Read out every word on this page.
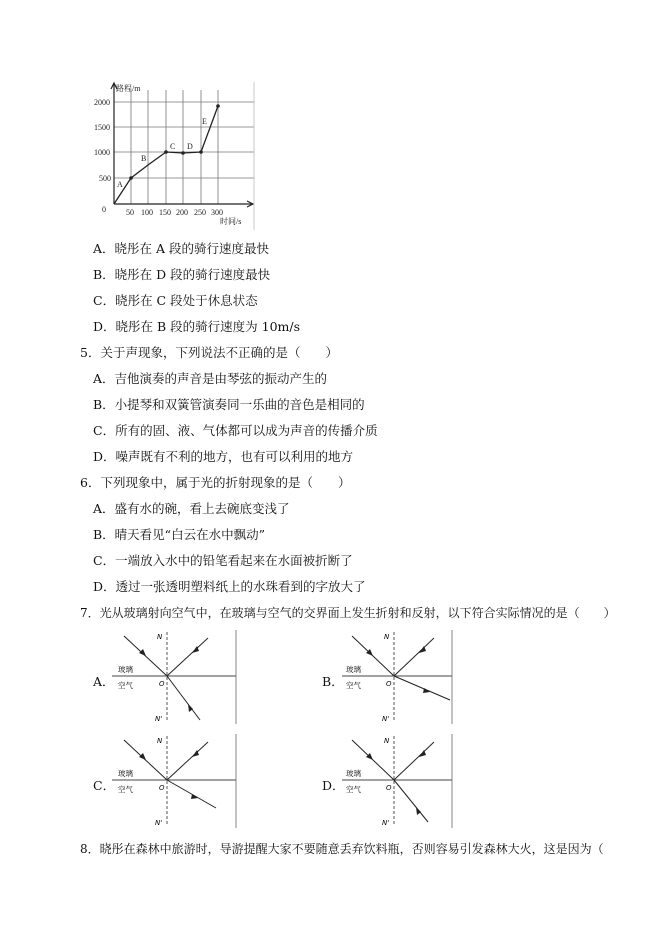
路程/m
时间/s
0
2000
1500
1000
500
50 100 150 200 250 300
A
B
C D
E
A．晓彤在 A 段的骑行速度最快
B．晓彤在 D 段的骑行速度最快
C．晓彤在 C 段处于休息状态
D．晓彤在 B 段的骑行速度为 10m/s
5．关于声现象，下列说法不正确的是（　　）
A．吉他演奏的声音是由琴弦的振动产生的
B．小提琴和双簧管演奏同一乐曲的音色是相同的
C．所有的固、液、气体都可以成为声音的传播介质
D．噪声既有不利的地方，也有可以利用的地方
6．下列现象中，属于光的折射现象的是（　　）
A．盛有水的碗，看上去碗底变浅了
B．晴天看见“白云在水中飘动”
C．一端放入水中的铅笔看起来在水面被折断了
D．透过一张透明塑料纸上的水珠看到的字放大了
7．光从玻璃射向空气中，在玻璃与空气的交界面上发生折射和反射，以下符合实际情况的是（　　）
A．
玻璃
空气
N
N'
O	B．
玻璃
空气
N
N'
O
C．
玻璃
空气
N
N'
O	D．
玻璃
空气
N
N'
O
8．晓彤在森林中旅游时，导游提醒大家不要随意丢弃饮料瓶，否则容易引发森林大火，这是因为（
